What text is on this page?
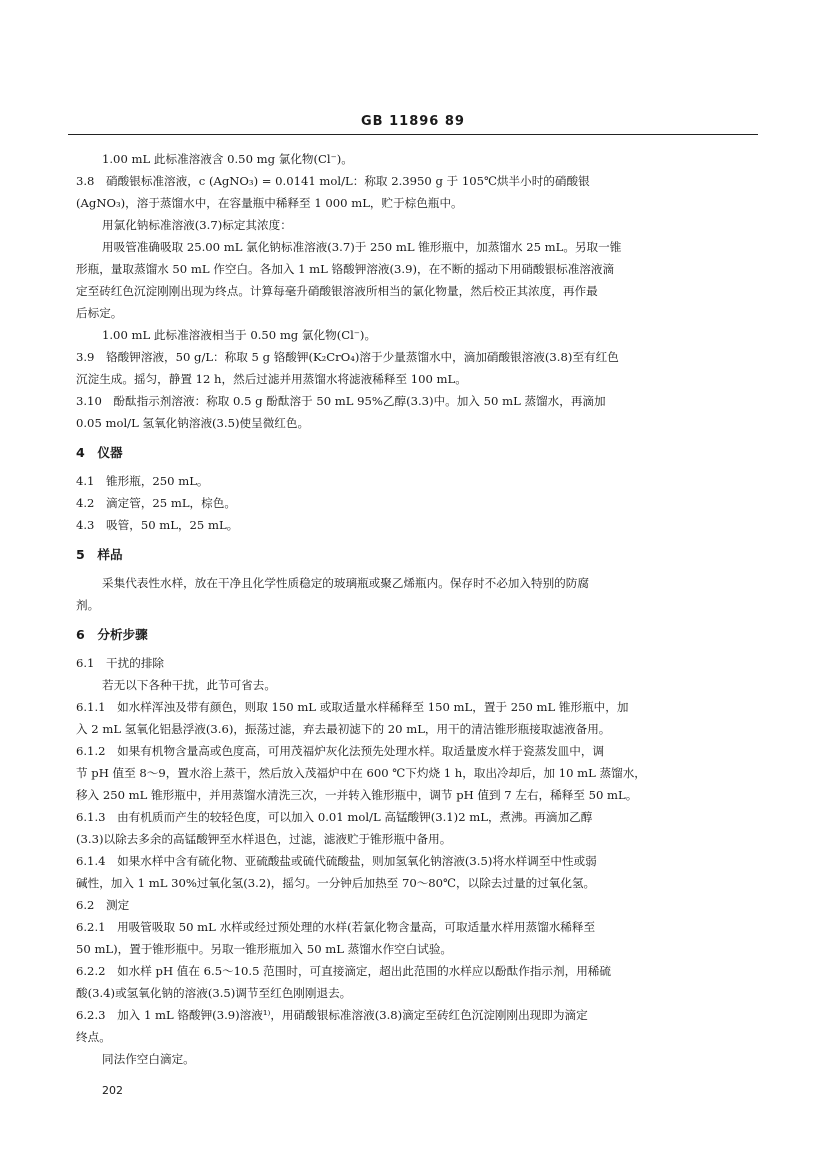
GB 11896 89

1.00 mL 此标准溶液含 0.50 mg 氯化物(Cl⁻)。

3.8　硝酸银标准溶液，c (AgNO₃) = 0.0141 mol/L：称取 2.3950 g 于 105℃烘半小时的硝酸银

(AgNO₃)，溶于蒸馏水中，在容量瓶中稀释至 1 000 mL，贮于棕色瓶中。

用氯化钠标准溶液(3.7)标定其浓度：

用吸管准确吸取 25.00 mL 氯化钠标准溶液(3.7)于 250 mL 锥形瓶中，加蒸馏水 25 mL。另取一锥

形瓶，量取蒸馏水 50 mL 作空白。各加入 1 mL 铬酸钾溶液(3.9)，在不断的摇动下用硝酸银标准溶液滴

定至砖红色沉淀刚刚出现为终点。计算每毫升硝酸银溶液所相当的氯化物量，然后校正其浓度，再作最

后标定。

1.00 mL 此标准溶液相当于 0.50 mg 氯化物(Cl⁻)。

3.9　铬酸钾溶液，50 g/L：称取 5 g 铬酸钾(K₂CrO₄)溶于少量蒸馏水中，滴加硝酸银溶液(3.8)至有红色

沉淀生成。摇匀，静置 12 h，然后过滤并用蒸馏水将滤液稀释至 100 mL。

3.10　酚酞指示剂溶液：称取 0.5 g 酚酞溶于 50 mL 95%乙醇(3.3)中。加入 50 mL 蒸馏水，再滴加

0.05 mol/L 氢氧化钠溶液(3.5)使呈微红色。

4　仪器

4.1　锥形瓶，250 mL。

4.2　滴定管，25 mL，棕色。

4.3　吸管，50 mL，25 mL。

5　样品

采集代表性水样，放在干净且化学性质稳定的玻璃瓶或聚乙烯瓶内。保存时不必加入特别的防腐

剂。

6　分析步骤

6.1　干扰的排除

若无以下各种干扰，此节可省去。

6.1.1　如水样浑浊及带有颜色，则取 150 mL 或取适量水样稀释至 150 mL，置于 250 mL 锥形瓶中，加

入 2 mL 氢氧化铝悬浮液(3.6)，振荡过滤，弃去最初滤下的 20 mL，用干的清洁锥形瓶接取滤液备用。

6.1.2　如果有机物含量高或色度高，可用茂福炉灰化法预先处理水样。取适量废水样于瓷蒸发皿中，调

节 pH 值至 8～9，置水浴上蒸干，然后放入茂福炉中在 600 ℃下灼烧 1 h，取出冷却后，加 10 mL 蒸馏水，

移入 250 mL 锥形瓶中，并用蒸馏水清洗三次，一并转入锥形瓶中，调节 pH 值到 7 左右，稀释至 50 mL。

6.1.3　由有机质而产生的较轻色度，可以加入 0.01 mol/L 高锰酸钾(3.1)2 mL，煮沸。再滴加乙醇

(3.3)以除去多余的高锰酸钾至水样退色，过滤，滤液贮于锥形瓶中备用。

6.1.4　如果水样中含有硫化物、亚硫酸盐或硫代硫酸盐，则加氢氧化钠溶液(3.5)将水样调至中性或弱

碱性，加入 1 mL 30%过氧化氢(3.2)，摇匀。一分钟后加热至 70～80℃，以除去过量的过氧化氢。

6.2　测定

6.2.1　用吸管吸取 50 mL 水样或经过预处理的水样(若氯化物含量高，可取适量水样用蒸馏水稀释至

50 mL)，置于锥形瓶中。另取一锥形瓶加入 50 mL 蒸馏水作空白试验。

6.2.2　如水样 pH 值在 6.5～10.5 范围时，可直接滴定，超出此范围的水样应以酚酞作指示剂，用稀硫

酸(3.4)或氢氧化钠的溶液(3.5)调节至红色刚刚退去。

6.2.3　加入 1 mL 铬酸钾(3.9)溶液¹⁾，用硝酸银标准溶液(3.8)滴定至砖红色沉淀刚刚出现即为滴定

终点。

同法作空白滴定。

202
